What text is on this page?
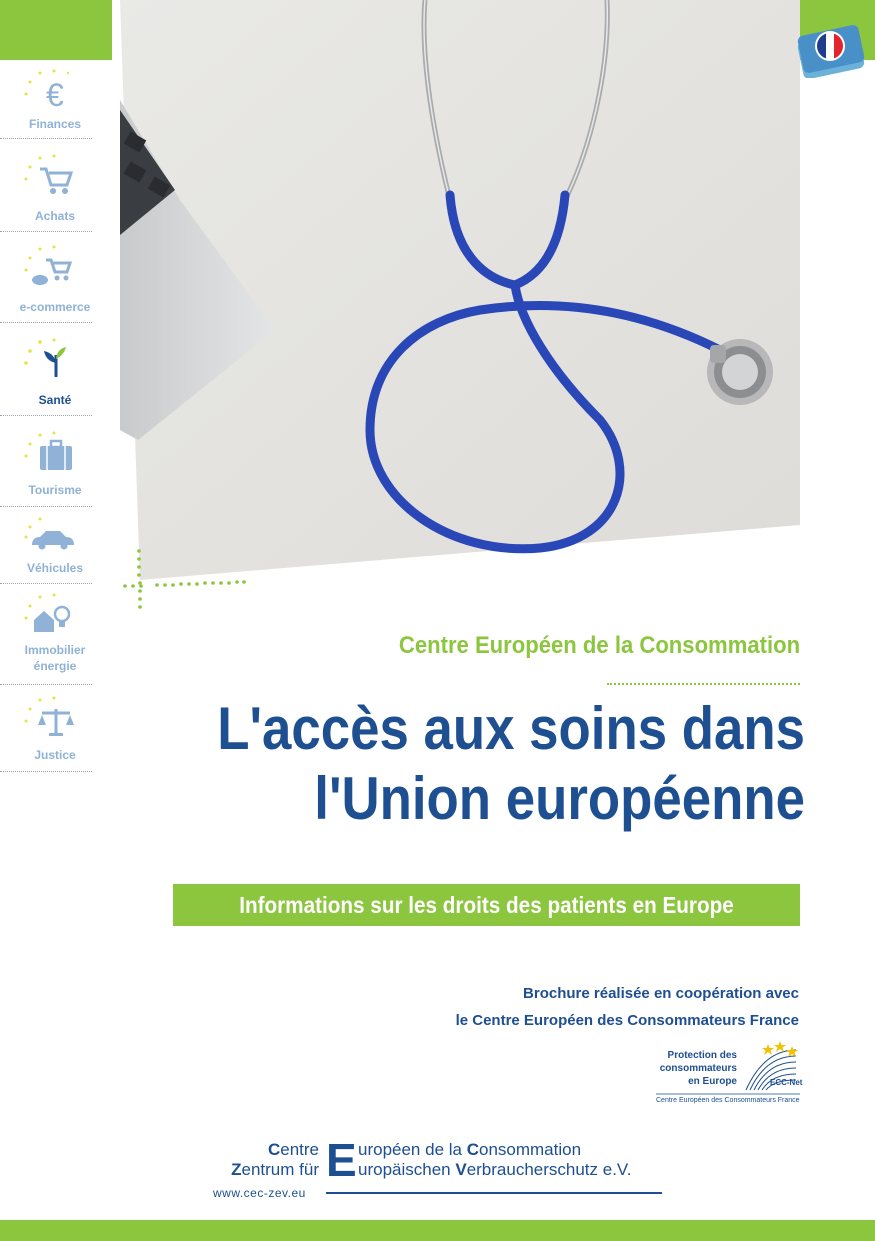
€
Finances
Achats
e-commerce
Santé
Tourisme
Véhicules
Immobilier
énergie
Justice
Centre Européen de la Consommation
L'accès aux soins dans
l'Union européenne
Informations sur les droits des patients en Europe
Brochure réalisée en coopération avec
le Centre Européen des Consommateurs France
Protection des
consommateurs
en Europe	ECC-Net
Centre Européen des Consommateurs France
Centre
Zentrum für E uropéen de la Consommation
uropäischen Verbraucherschutz e.V.
www.cec-zev.eu
